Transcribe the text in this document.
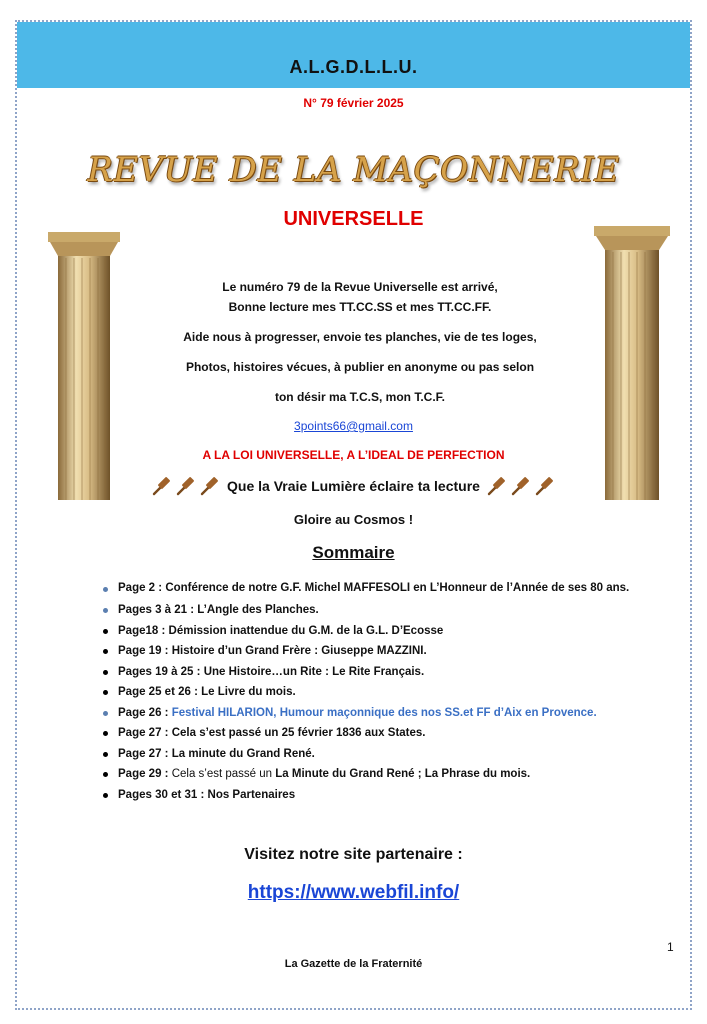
A.L.G.D.L.L.U.
N° 79 février 2025
REVUE DE LA MAÇONNERIE
UNIVERSELLE
Le numéro 79 de la Revue Universelle est arrivé,
Bonne lecture mes TT.CC.SS et mes TT.CC.FF.
Aide nous à progresser, envoie tes planches, vie de tes loges,
Photos, histoires vécues, à publier en anonyme ou pas selon
ton désir ma T.C.S, mon T.C.F.
3points66@gmail.com
A LA LOI UNIVERSELLE, A L’IDEAL DE PERFECTION
Que la Vraie Lumière éclaire ta lecture
Gloire au Cosmos !
Sommaire
Page 2 : Conférence de notre G.F. Michel MAFFESOLI en L’Honneur de l’Année de ses 80 ans.
Pages 3 à 21 : L’Angle des Planches.
Page18 : Démission inattendue du G.M. de la G.L. D’Ecosse
Page 19 : Histoire d’un Grand Frère : Giuseppe MAZZINI.
Pages 19 à 25 : Une Histoire…un Rite : Le Rite Français.
Page 25 et 26 : Le Livre du mois.
Page 26 : Festival HILARION, Humour maçonnique des nos SS.et FF d’Aix en Provence.
Page 27 : Cela s’est passé un 25 février 1836 aux States.
Page 27 : La minute du Grand René.
Page 29 : Cela s’est passé un La Minute du Grand René ; La Phrase du mois.
Pages 30 et 31 : Nos Partenaires
Visitez notre site partenaire :
https://www.webfil.info/
1
La Gazette de la Fraternité
